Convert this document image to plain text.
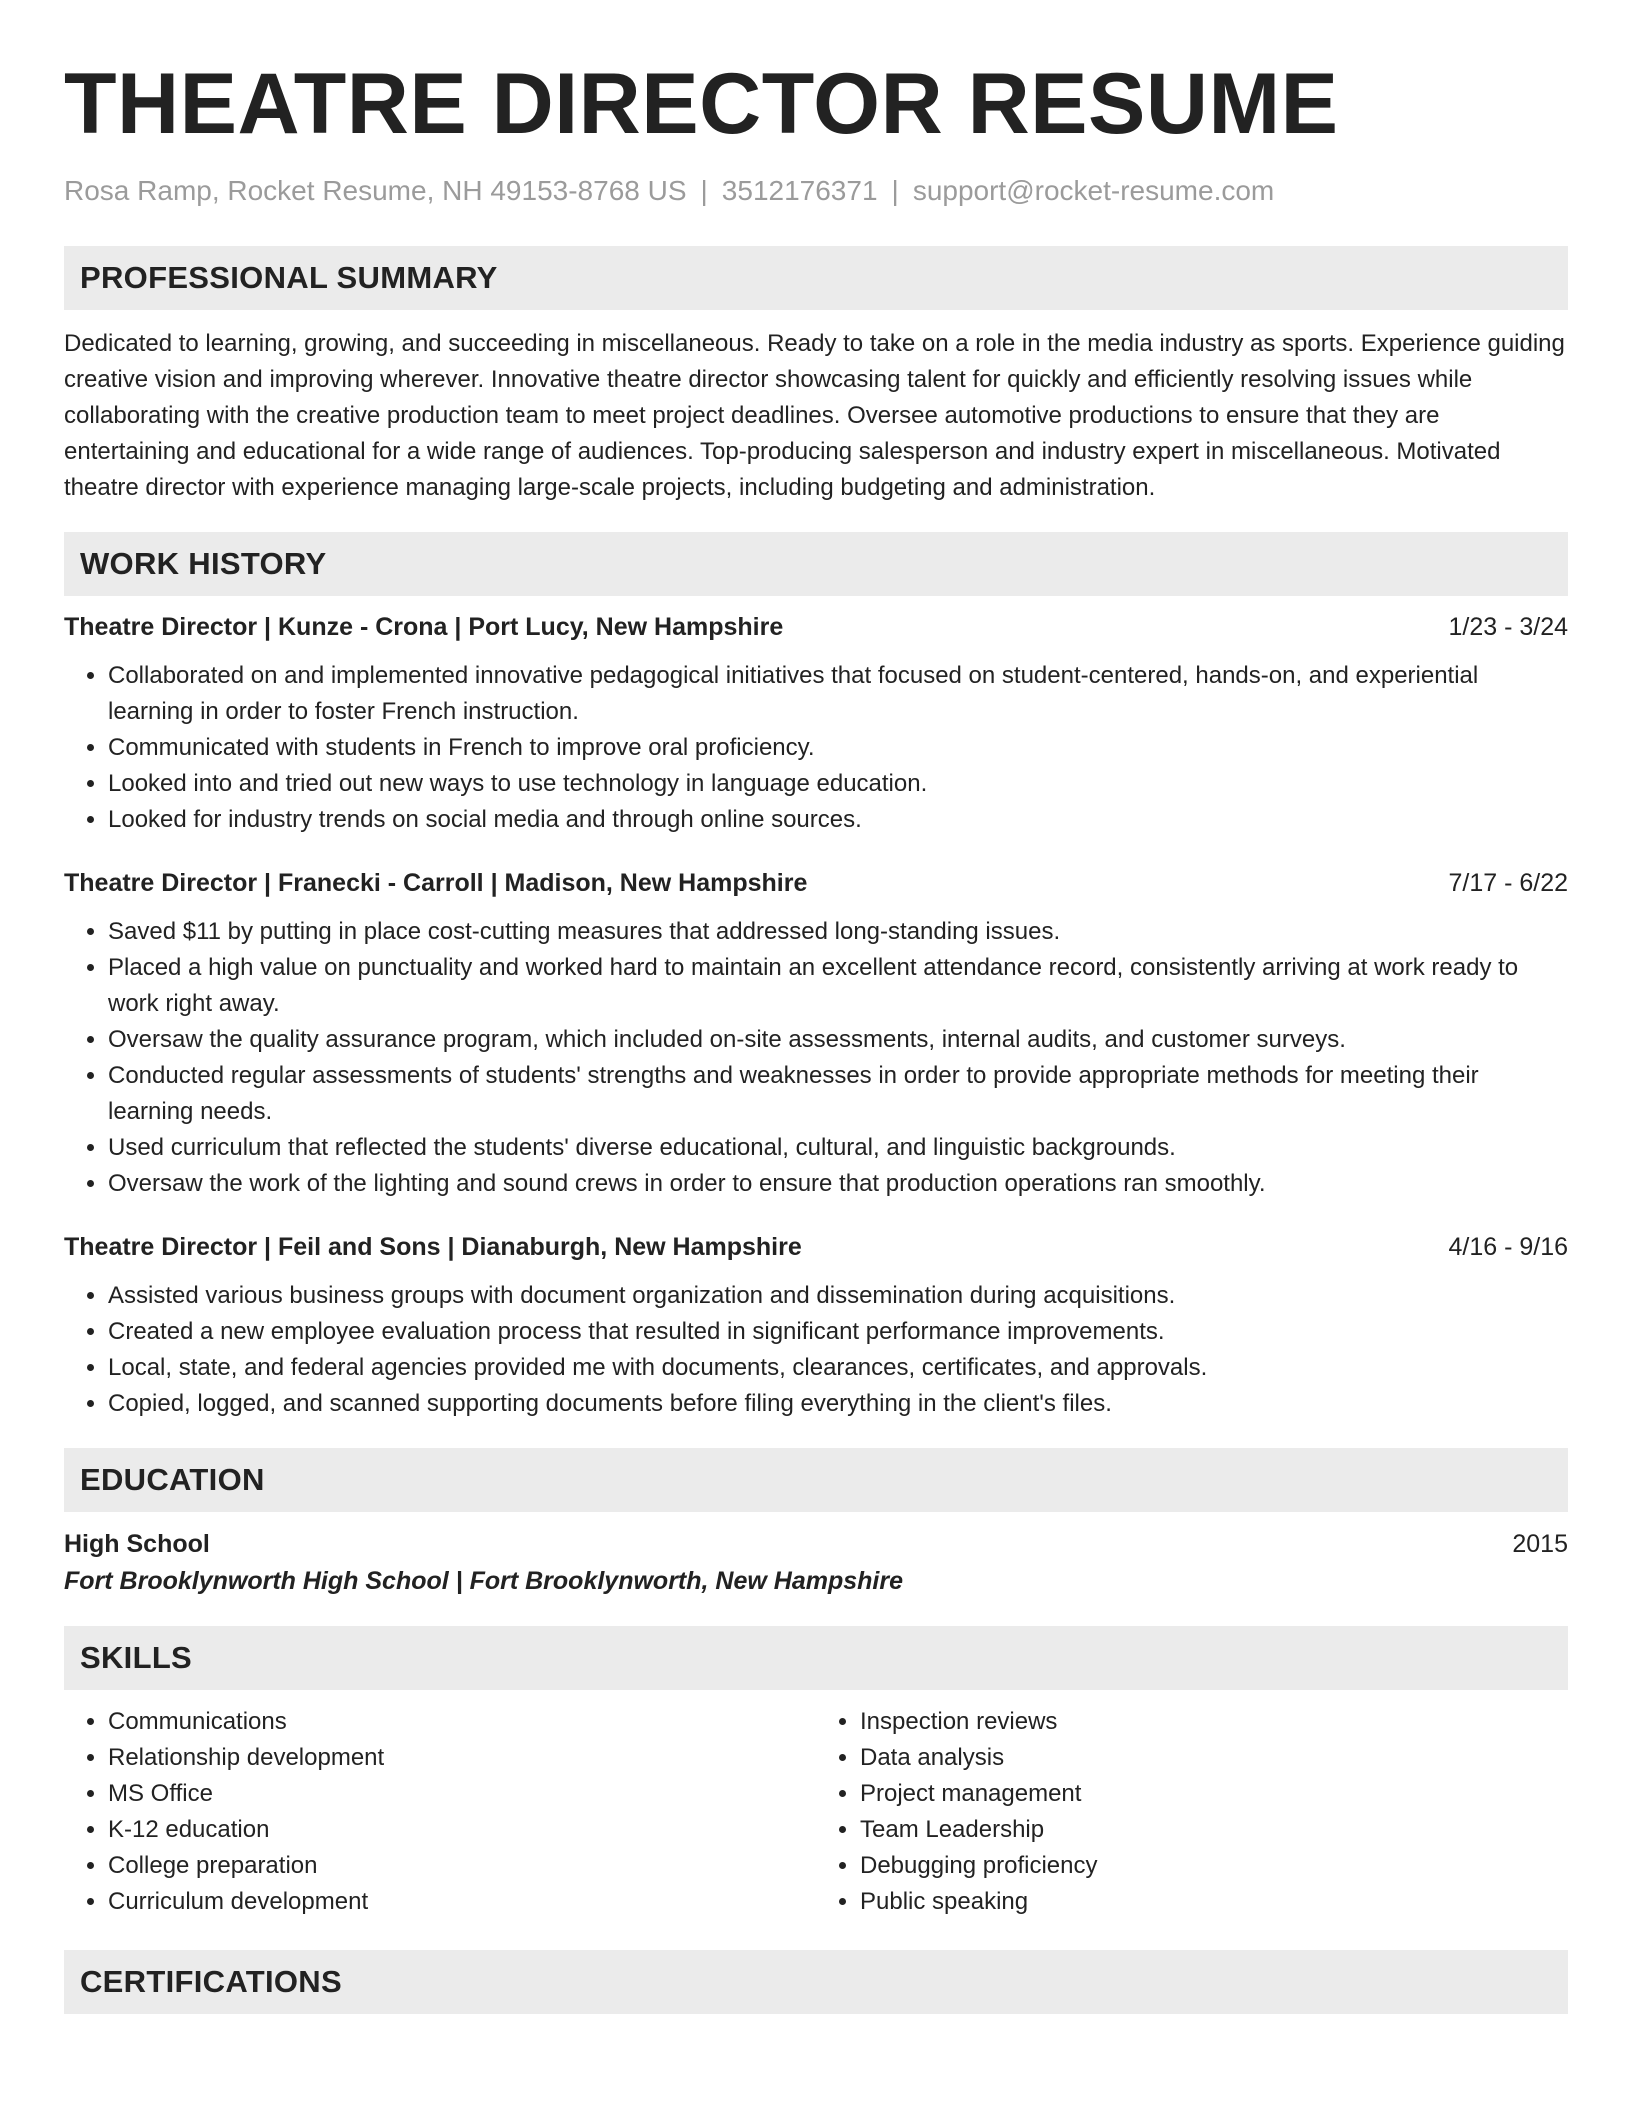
THEATRE DIRECTOR RESUME
Rosa Ramp, Rocket Resume, NH 49153-8768 US | 3512176371 | support@rocket-resume.com
PROFESSIONAL SUMMARY

Dedicated to learning, growing, and succeeding in miscellaneous. Ready to take on a role in the media industry as sports. Experience guiding creative vision and improving wherever. Innovative theatre director showcasing talent for quickly and efficiently resolving issues while collaborating with the creative production team to meet project deadlines. Oversee automotive productions to ensure that they are entertaining and educational for a wide range of audiences. Top-producing salesperson and industry expert in miscellaneous. Motivated theatre director with experience managing large-scale projects, including budgeting and administration.

WORK HISTORY
Theatre Director | Kunze - Crona | Port Lucy, New Hampshire	1/23 - 3/24
• Collaborated on and implemented innovative pedagogical initiatives that focused on student-centered, hands-on, and experiential learning in order to foster French instruction.
• Communicated with students in French to improve oral proficiency.
• Looked into and tried out new ways to use technology in language education.
• Looked for industry trends on social media and through online sources.
Theatre Director | Franecki - Carroll | Madison, New Hampshire	7/17 - 6/22
• Saved $11 by putting in place cost-cutting measures that addressed long-standing issues.
• Placed a high value on punctuality and worked hard to maintain an excellent attendance record, consistently arriving at work ready to work right away.
• Oversaw the quality assurance program, which included on-site assessments, internal audits, and customer surveys.
• Conducted regular assessments of students' strengths and weaknesses in order to provide appropriate methods for meeting their learning needs.
• Used curriculum that reflected the students' diverse educational, cultural, and linguistic backgrounds.
• Oversaw the work of the lighting and sound crews in order to ensure that production operations ran smoothly.
Theatre Director | Feil and Sons | Dianaburgh, New Hampshire	4/16 - 9/16
• Assisted various business groups with document organization and dissemination during acquisitions.
• Created a new employee evaluation process that resulted in significant performance improvements.
• Local, state, and federal agencies provided me with documents, clearances, certificates, and approvals.
• Copied, logged, and scanned supporting documents before filing everything in the client's files.
EDUCATION
High School	2015
Fort Brooklynworth High School | Fort Brooklynworth, New Hampshire
SKILLS
• Communications
• Relationship development
• MS Office
• K-12 education
• College preparation
• Curriculum development
• Inspection reviews
• Data analysis
• Project management
• Team Leadership
• Debugging proficiency
• Public speaking
CERTIFICATIONS
